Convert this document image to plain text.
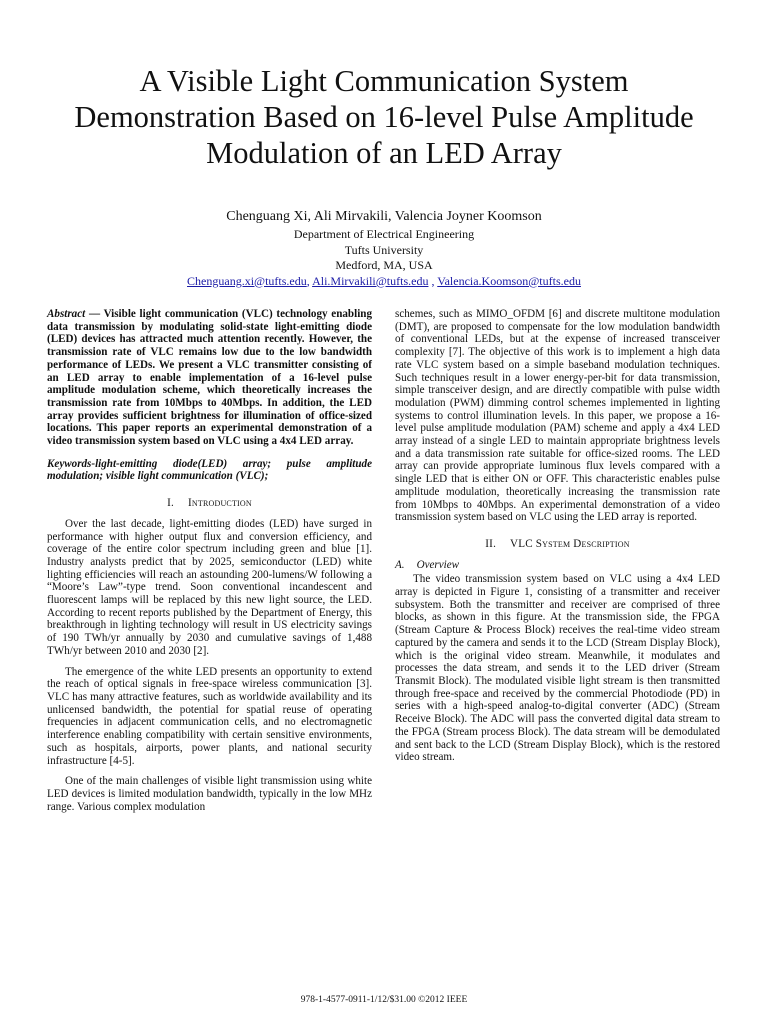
A Visible Light Communication System
Demonstration Based on 16-level Pulse Amplitude
Modulation of an LED Array
Chenguang Xi, Ali Mirvakili, Valencia Joyner Koomson
Department of Electrical Engineering
Tufts University
Medford, MA, USA
Chenguang.xi@tufts.edu, Ali.Mirvakili@tufts.edu , Valencia.Koomson@tufts.edu

Abstract — Visible light communication (VLC) technology enabling data transmission by modulating solid-state light-emitting diode (LED) devices has attracted much attention recently. However, the transmission rate of VLC remains low due to the low bandwidth performance of LEDs. We present a VLC transmitter consisting of an LED array to enable implementation of a 16-level pulse amplitude modulation scheme, which theoretically increases the transmission rate from 10Mbps to 40Mbps. In addition, the LED array provides sufficient brightness for illumination of office-sized locations. This paper reports an experimental demonstration of a video transmission system based on VLC using a 4x4 LED array.

Keywords-light-emitting diode(LED) array; pulse amplitude modulation; visible light communication (VLC);

I. Introduction

Over the last decade, light-emitting diodes (LED) have surged in performance with higher output flux and conversion efficiency, and coverage of the entire color spectrum including green and blue [1]. Industry analysts predict that by 2025, semiconductor (LED) white lighting efficiencies will reach an astounding 200-lumens/W following a “Moore’s Law”-type trend. Soon conventional incandescent and fluorescent lamps will be replaced by this new light source, the LED. According to recent reports published by the Department of Energy, this breakthrough in lighting technology will result in US electricity savings of 190 TWh/yr annually by 2030 and cumulative savings of 1,488 TWh/yr between 2010 and 2030 [2].

The emergence of the white LED presents an opportunity to extend the reach of optical signals in free-space wireless communication [3]. VLC has many attractive features, such as worldwide availability and its unlicensed bandwidth, the potential for spatial reuse of operating frequencies in adjacent communication cells, and no electromagnetic interference enabling compatibility with certain sensitive environments, such as hospitals, airports, power plants, and national security infrastructure [4-5].

One of the main challenges of visible light transmission using white LED devices is limited modulation bandwidth, typically in the low MHz range. Various complex modulation

schemes, such as MIMO_OFDM [6] and discrete multitone modulation (DMT), are proposed to compensate for the low modulation bandwidth of conventional LEDs, but at the expense of increased transceiver complexity [7]. The objective of this work is to implement a high data rate VLC system based on a simple baseband modulation techniques. Such techniques result in a lower energy-per-bit for data transmission, simple transceiver design, and are directly compatible with pulse width modulation (PWM) dimming control schemes implemented in lighting systems to control illumination levels. In this paper, we propose a 16-level pulse amplitude modulation (PAM) scheme and apply a 4x4 LED array instead of a single LED to maintain appropriate brightness levels and a data transmission rate suitable for office-sized rooms. The LED array can provide appropriate luminous flux levels compared with a single LED that is either ON or OFF. This characteristic enables pulse amplitude modulation, theoretically increasing the transmission rate from 10Mbps to 40Mbps. An experimental demonstration of a video transmission system based on VLC using the LED array is reported.

II. VLC System Description
A. Overview

The video transmission system based on VLC using a 4x4 LED array is depicted in Figure 1, consisting of a transmitter and receiver subsystem. Both the transmitter and receiver are comprised of three blocks, as shown in this figure. At the transmission side, the FPGA (Stream Capture & Process Block) receives the real-time video stream captured by the camera and sends it to the LCD (Stream Display Block), which is the original video stream. Meanwhile, it modulates and processes the data stream, and sends it to the LED driver (Stream Transmit Block). The modulated visible light stream is then transmitted through free-space and received by the commercial Photodiode (PD) in series with a high-speed analog-to-digital converter (ADC) (Stream Receive Block). The ADC will pass the converted digital data stream to the FPGA (Stream process Block). The data stream will be demodulated and sent back to the LCD (Stream Display Block), which is the restored video stream.

978-1-4577-0911-1/12/$31.00 ©2012 IEEE
